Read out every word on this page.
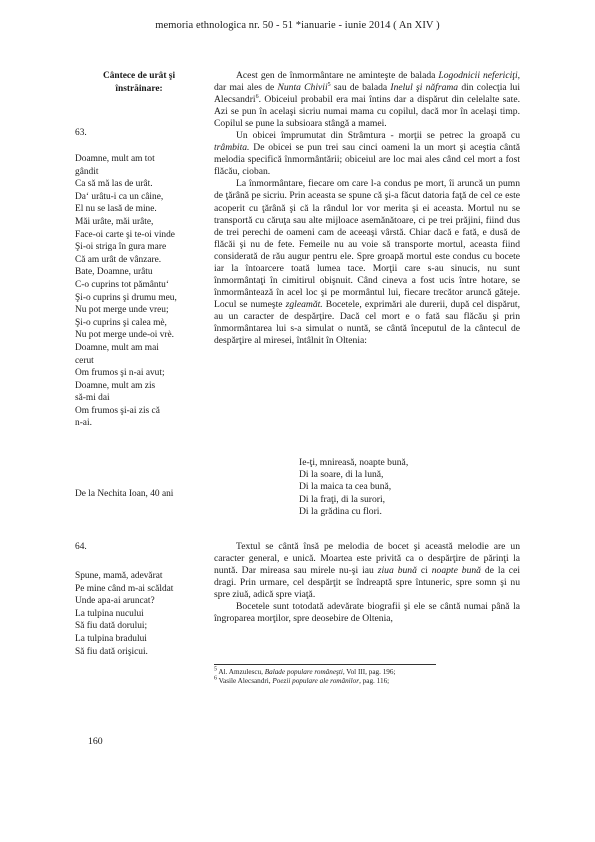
memoria ethnologica nr. 50 - 51 *ianuarie - iunie 2014 ( An XIV )
Cântece de urât şi
înstrăinare:
63.
Doamne, mult am tot
gândit
Ca să mă las de urât.
Da‘ urâtu-i ca un câine,
El nu se lasă de mine.
Măi urâte, măi urâte,
Face-oi carte şi te-oi vinde
Şi-oi striga în gura mare
Că am urât de vânzare.
Bate, Doamne, urâtu
C-o cuprins tot pământu‘
Şi-o cuprins şi drumu meu,
Nu pot merge unde vreu;
Şi-o cuprins şi calea mè,
Nu pot merge unde-oi vrè.
Doamne, mult am mai
cerut
Om frumos şi n-ai avut;
Doamne, mult am zis
să-mi dai
Om frumos şi-ai zis că
n-ai.
De la Nechita Ioan, 40 ani
64.
Spune, mamă, adevărat
Pe mine când m-ai scăldat
Unde apa-ai aruncat?
La tulpina nucului
Să fiu dată dorului;
La tulpina bradului
Să fiu dată orişicui.

Acest gen de înmormântare ne aminteşte de balada Logodnicii nefericiţi, dar mai ales de Nunta Chivii$^5$ sau de balada Inelul şi năframa din colecţia lui Alecsandri$^6$. Obiceiul probabil era mai întins dar a dispărut din celelalte sate. Azi se pun în acelaşi sicriu numai mama cu copilul, dacă mor în acelaşi timp. Copilul se pune la subsioara stângă a mamei.

Un obicei împrumutat din Strâmtura - morţii se petrec la groapă cu trâmbita. De obicei se pun trei sau cinci oameni la un mort şi aceştia cântă melodia specifică înmormântării; obiceiul are loc mai ales când cel mort a fost flăcău, cioban.

La înmormântare, fiecare om care l-a condus pe mort, îi aruncă un pumn de ţărână pe sicriu. Prin aceasta se spune că şi-a făcut datoria faţă de cel ce este acoperit cu ţărână şi că la rândul lor vor merita şi ei aceasta. Mortul nu se transportă cu căruţa sau alte mijloace asemănătoare, ci pe trei prăjini, fiind dus de trei perechi de oameni cam de aceeaşi vârstă. Chiar dacă e fată, e dusă de flăcăi şi nu de fete. Femeile nu au voie să transporte mortul, aceasta fiind considerată de rău augur pentru ele. Spre groapă mortul este condus cu bocete iar la întoarcere toată lumea tace. Morţii care s-au sinucis, nu sunt înmormântaţi în cimitirul obişnuit. Când cineva a fost ucis între hotare, se înmormântează în acel loc şi pe mormântul lui, fiecare trecător aruncă găteje. Locul se numeşte zgleamăt. Bocetele, exprimări ale durerii, după cel dispărut, au un caracter de despărţire. Dacă cel mort e o fată sau flăcău şi prin înmormântarea lui s-a simulat o nuntă, se cântă începutul de la cântecul de despărţire al miresei, întâlnit în Oltenia:

Ie-ţi, mnireasă, noapte bună,
Di la soare, di la lună,
Di la maica ta cea bună,
Di la fraţi, di la surori,
Di la grădina cu flori.

Textul se cântă însă pe melodia de bocet şi această melodie are un caracter general, e unică. Moartea este privită ca o despărţire de părinţi la nuntă. Dar mireasa sau mirele nu-şi iau ziua bună ci noapte bună de la cei dragi. Prin urmare, cel despărţit se îndreaptă spre întuneric, spre somn şi nu spre ziuă, adică spre viaţă.

Bocetele sunt totodată adevărate biografii şi ele se cântă numai până la îngroparea morţilor, spre deosebire de Oltenia,

$^5$ Al. Amzulescu, Balade populare româneşti, Vol III, pag. 196;
$^6$ Vasile Alecsandri, Poezii populare ale românilor, pag. 116;
160
